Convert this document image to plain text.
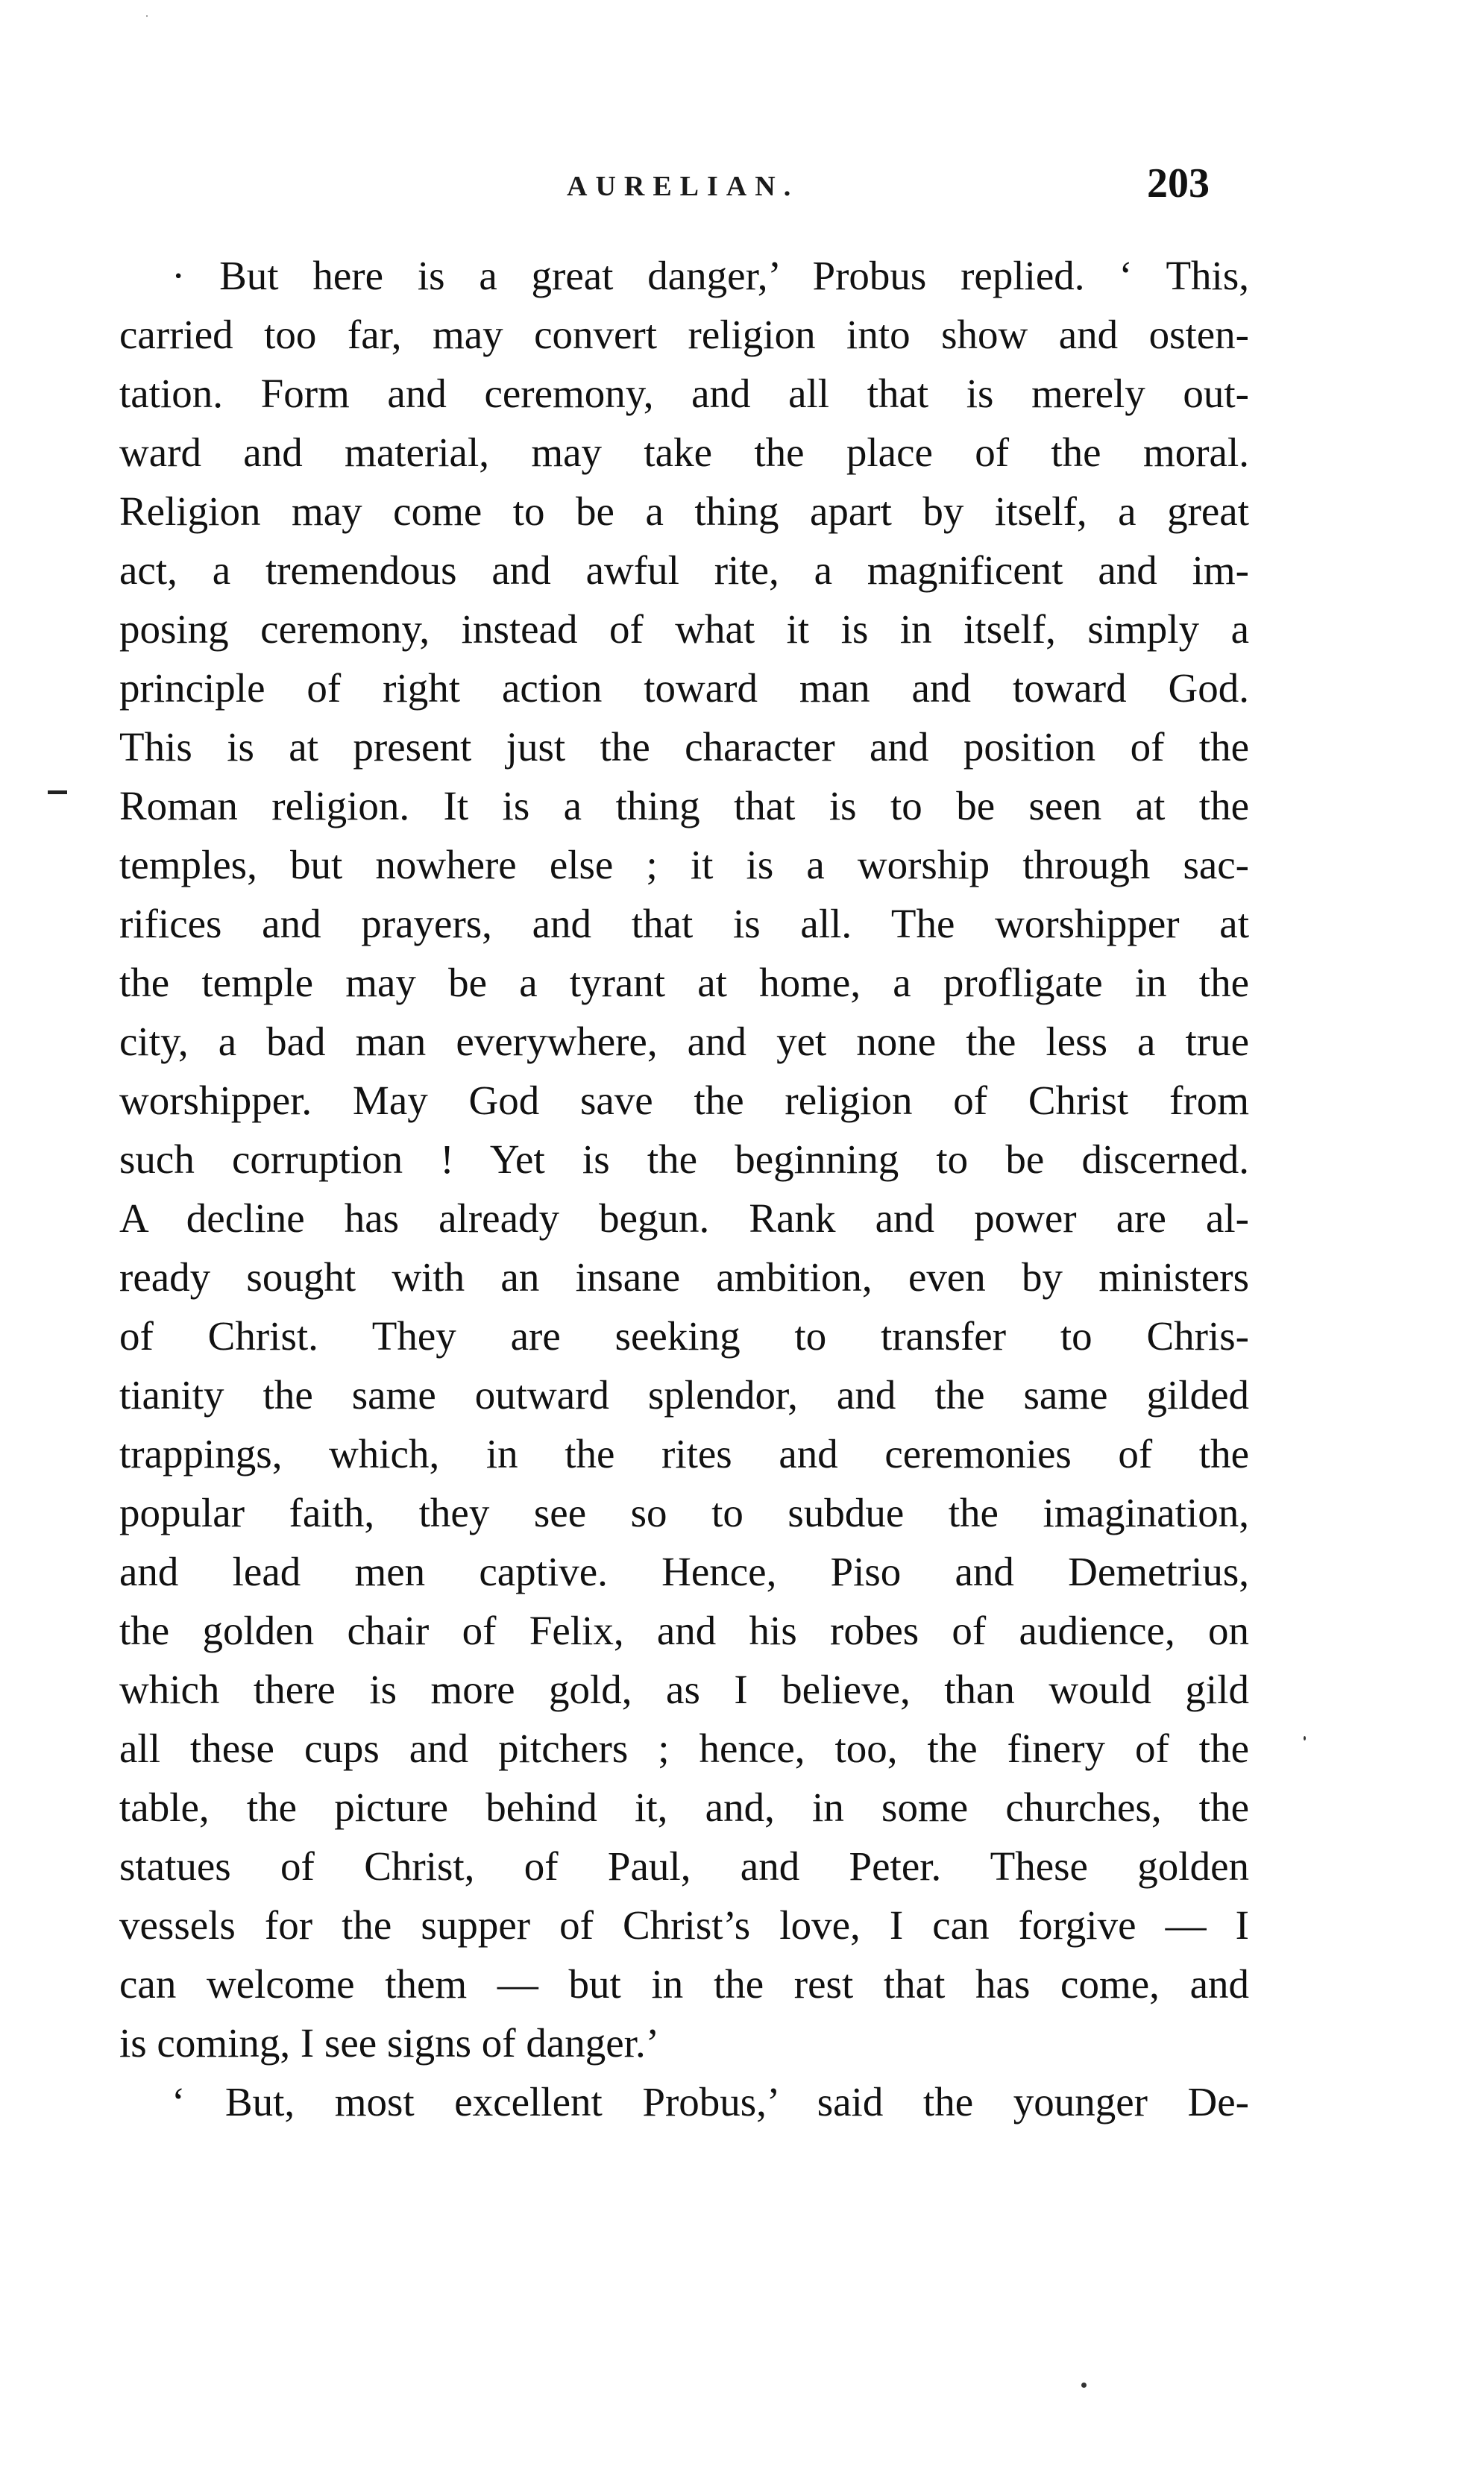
AURELIAN.	203
· But here is a great danger,’ Probus replied. ‘ This,
carried too far, may convert religion into show and osten-
tation. Form and ceremony, and all that is merely out-
ward and material, may take the place of the moral.
Religion may come to be a thing apart by itself, a great
act, a tremendous and awful rite, a magnificent and im-
posing ceremony, instead of what it is in itself, simply a
principle of right action toward man and toward God.
This is at present just the character and position of the
Roman religion. It is a thing that is to be seen at the
temples, but nowhere else ; it is a worship through sac-
rifices and prayers, and that is all. The worshipper at
the temple may be a tyrant at home, a profligate in the
city, a bad man everywhere, and yet none the less a true
worshipper. May God save the religion of Christ from
such corruption ! Yet is the beginning to be discerned.
A decline has already begun. Rank and power are al-
ready sought with an insane ambition, even by ministers
of Christ. They are seeking to transfer to Chris-
tianity the same outward splendor, and the same gilded
trappings, which, in the rites and ceremonies of the
popular faith, they see so to subdue the imagination,
and lead men captive. Hence, Piso and Demetrius,
the golden chair of Felix, and his robes of audience, on
which there is more gold, as I believe, than would gild
all these cups and pitchers ; hence, too, the finery of the
table, the picture behind it, and, in some churches, the
statues of Christ, of Paul, and Peter. These golden
vessels for the supper of Christ’s love, I can forgive — I
can welcome them — but in the rest that has come, and
is coming, I see signs of danger.’
‘ But, most excellent Probus,’ said the younger De-
